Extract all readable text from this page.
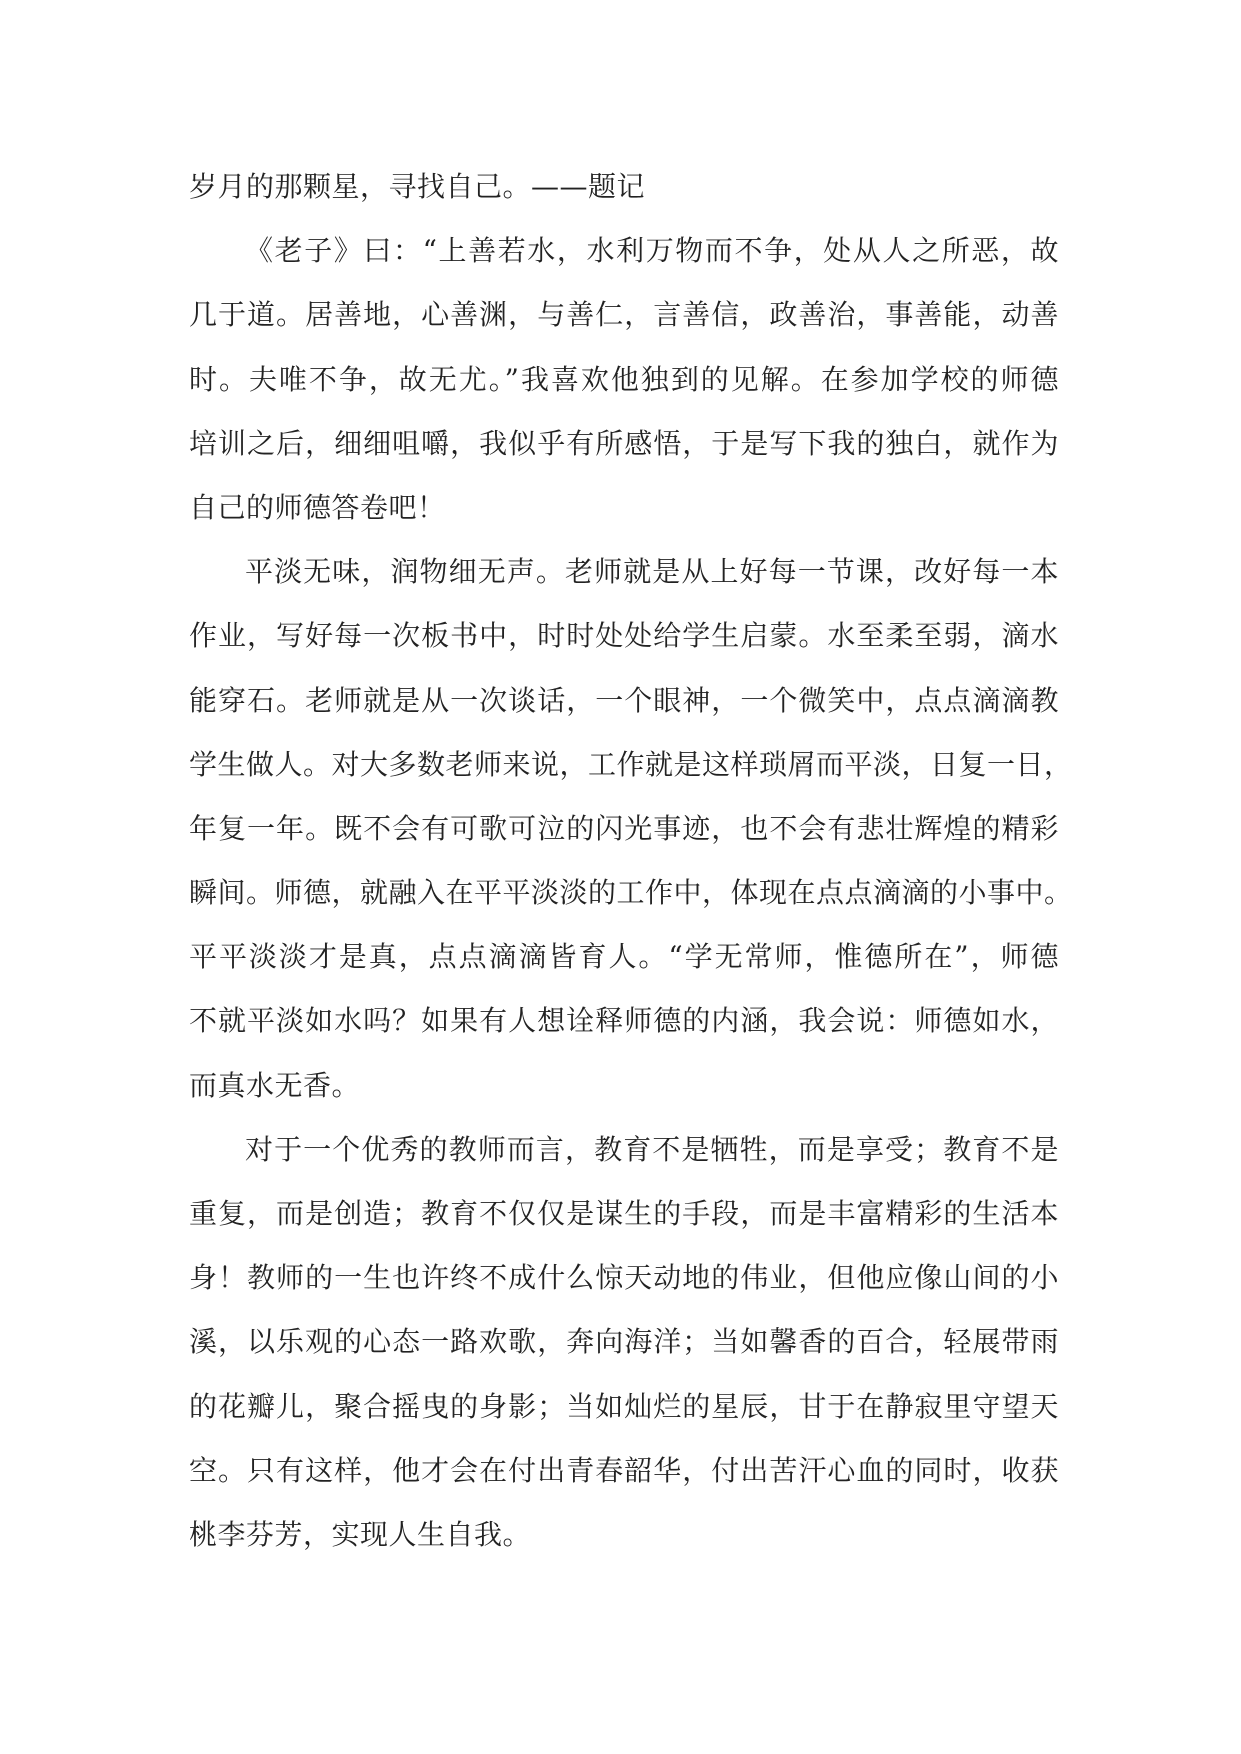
岁月的那颗星，寻找自己。——题记
《老子》曰：“上善若水，水利万物而不争，处从人之所恶，故
几于道。居善地，心善渊，与善仁，言善信，政善治，事善能，动善
时。夫唯不争，故无尤。”我喜欢他独到的见解。在参加学校的师德
培训之后，细细咀嚼，我似乎有所感悟，于是写下我的独白，就作为
自己的师德答卷吧！
平淡无味，润物细无声。老师就是从上好每一节课，改好每一本
作业，写好每一次板书中，时时处处给学生启蒙。水至柔至弱，滴水
能穿石。老师就是从一次谈话，一个眼神，一个微笑中，点点滴滴教
学生做人。对大多数老师来说，工作就是这样琐屑而平淡，日复一日，
年复一年。既不会有可歌可泣的闪光事迹，也不会有悲壮辉煌的精彩
瞬间。师德，就融入在平平淡淡的工作中，体现在点点滴滴的小事中。
平平淡淡才是真，点点滴滴皆育人。“学无常师，惟德所在”，师德
不就平淡如水吗？如果有人想诠释师德的内涵，我会说：师德如水，
而真水无香。
对于一个优秀的教师而言，教育不是牺牲，而是享受；教育不是
重复，而是创造；教育不仅仅是谋生的手段，而是丰富精彩的生活本
身！教师的一生也许终不成什么惊天动地的伟业，但他应像山间的小
溪，以乐观的心态一路欢歌，奔向海洋；当如馨香的百合，轻展带雨
的花瓣儿，聚合摇曳的身影；当如灿烂的星辰，甘于在静寂里守望天
空。只有这样，他才会在付出青春韶华，付出苦汗心血的同时，收获
桃李芬芳，实现人生自我。
